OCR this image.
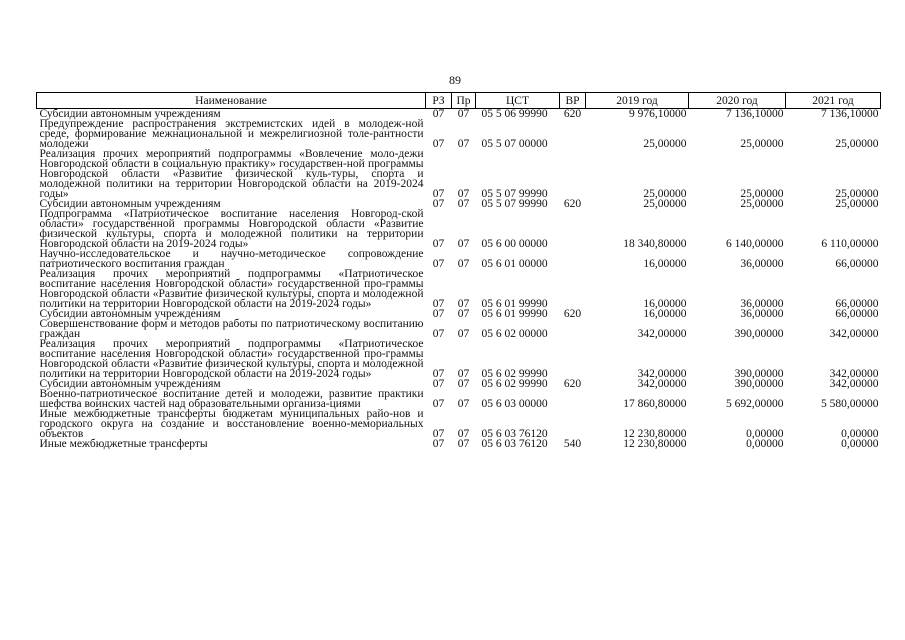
89
Наименование	РЗ	Пр	ЦСТ	ВР	2019 год	2020 год	2021 год
Субсидии автономным учреждениям	07	07	05 5 06 99990	620	9 976,10000	7 136,10000	7 136,10000
Предупреждение распространения экстремистских идей в молодеж-ной среде, формирование межнациональной и межрелигиозной толе-рантности молодежи	07	07	05 5 07 00000		25,00000	25,00000	25,00000
Реализация прочих мероприятий подпрограммы «Вовлечение моло-дежи Новгородской области в социальную практику» государствен-ной программы Новгородской области «Развитие физической куль-туры, спорта и молодежной политики на территории Новгородской области на 2019-2024 годы»	07	07	05 5 07 99990		25,00000	25,00000	25,00000
Субсидии автономным учреждениям	07	07	05 5 07 99990	620	25,00000	25,00000	25,00000
Подпрограмма «Патриотическое воспитание населения Новгород-ской области» государственной программы Новгородской области «Развитие физической культуры, спорта и молодежной политики на территории Новгородской области на 2019-2024 годы»	07	07	05 6 00 00000		18 340,80000	6 140,00000	6 110,00000
Научно-исследовательское и научно-методическое сопровождение патриотического воспитания граждан	07	07	05 6 01 00000		16,00000	36,00000	66,00000
Реализация прочих мероприятий подпрограммы «Патриотическое воспитание населения Новгородской области» государственной про-граммы Новгородской области «Развитие физической культуры, спорта и молодежной политики на территории Новгородской области на 2019-2024 годы»	07	07	05 6 01 99990		16,00000	36,00000	66,00000
Субсидии автономным учреждениям	07	07	05 6 01 99990	620	16,00000	36,00000	66,00000
Совершенствование форм и методов работы по патриотическому воспитанию граждан	07	07	05 6 02 00000		342,00000	390,00000	342,00000
Реализация прочих мероприятий подпрограммы «Патриотическое воспитание населения Новгородской области» государственной про-граммы Новгородской области «Развитие физической культуры, спорта и молодежной политики на территории Новгородской области на 2019-2024 годы»	07	07	05 6 02 99990		342,00000	390,00000	342,00000
Субсидии автономным учреждениям	07	07	05 6 02 99990	620	342,00000	390,00000	342,00000
Военно-патриотическое воспитание детей и молодежи, развитие практики шефства воинских частей над образовательными организа-циями	07	07	05 6 03 00000		17 860,80000	5 692,00000	5 580,00000
Иные межбюджетные трансферты бюджетам муниципальных райо-нов и городского округа на создание и восстановление военно-мемориальных объектов	07	07	05 6 03 76120		12 230,80000	0,00000	0,00000
Иные межбюджетные трансферты	07	07	05 6 03 76120	540	12 230,80000	0,00000	0,00000
